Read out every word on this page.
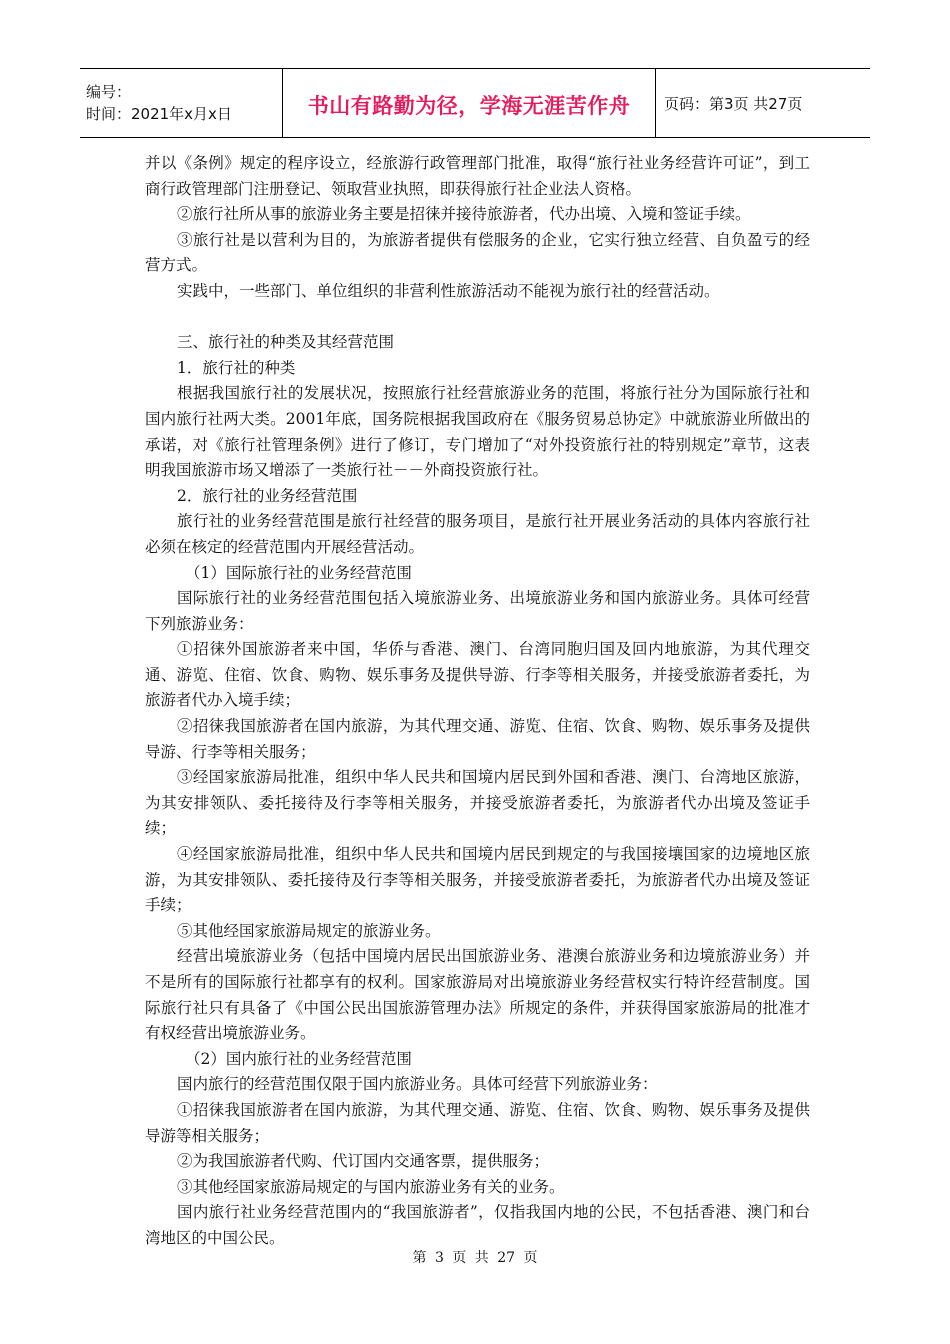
编号：
时间：2021年x月x日	书山有路勤为径，学海无涯苦作舟	页码：第3页 共27页

并以《条例》规定的程序设立，经旅游行政管理部门批准，取得“旅行社业务经营许可证”，到工商行政管理部门注册登记、领取营业执照，即获得旅行社企业法人资格。

②旅行社所从事的旅游业务主要是招徕并接待旅游者，代办出境、入境和签证手续。

③旅行社是以营利为目的，为旅游者提供有偿服务的企业，它实行独立经营、自负盈亏的经营方式。

实践中，一些部门、单位组织的非营利性旅游活动不能视为旅行社的经营活动。

三、旅行社的种类及其经营范围

1．旅行社的种类

根据我国旅行社的发展状况，按照旅行社经营旅游业务的范围，将旅行社分为国际旅行社和国内旅行社两大类。2001年底，国务院根据我国政府在《服务贸易总协定》中就旅游业所做出的承诺，对《旅行社管理条例》进行了修订，专门增加了“对外投资旅行社的特别规定”章节，这表明我国旅游市场又增添了一类旅行社－－外商投资旅行社。

2．旅行社的业务经营范围

旅行社的业务经营范围是旅行社经营的服务项目，是旅行社开展业务活动的具体内容旅行社必须在核定的经营范围内开展经营活动。

（1）国际旅行社的业务经营范围

国际旅行社的业务经营范围包括入境旅游业务、出境旅游业务和国内旅游业务。具体可经营下列旅游业务：

①招徕外国旅游者来中国，华侨与香港、澳门、台湾同胞归国及回内地旅游，为其代理交通、游览、住宿、饮食、购物、娱乐事务及提供导游、行李等相关服务，并接受旅游者委托，为旅游者代办入境手续；

②招徕我国旅游者在国内旅游，为其代理交通、游览、住宿、饮食、购物、娱乐事务及提供导游、行李等相关服务；

③经国家旅游局批准，组织中华人民共和国境内居民到外国和香港、澳门、台湾地区旅游，为其安排领队、委托接待及行李等相关服务，并接受旅游者委托，为旅游者代办出境及签证手续；

④经国家旅游局批准，组织中华人民共和国境内居民到规定的与我国接壤国家的边境地区旅游，为其安排领队、委托接待及行李等相关服务，并接受旅游者委托，为旅游者代办出境及签证手续；

⑤其他经国家旅游局规定的旅游业务。

经营出境旅游业务（包括中国境内居民出国旅游业务、港澳台旅游业务和边境旅游业务）并不是所有的国际旅行社都享有的权利。国家旅游局对出境旅游业务经营权实行特许经营制度。国际旅行社只有具备了《中国公民出国旅游管理办法》所规定的条件，并获得国家旅游局的批准才有权经营出境旅游业务。

（2）国内旅行社的业务经营范围

国内旅行的经营范围仅限于国内旅游业务。具体可经营下列旅游业务：

①招徕我国旅游者在国内旅游，为其代理交通、游览、住宿、饮食、购物、娱乐事务及提供导游等相关服务；

②为我国旅游者代购、代订国内交通客票，提供服务；

③其他经国家旅游局规定的与国内旅游业务有关的业务。

国内旅行社业务经营范围内的“我国旅游者”，仅指我国内地的公民，不包括香港、澳门和台湾地区的中国公民。

第 3 页 共 27 页
